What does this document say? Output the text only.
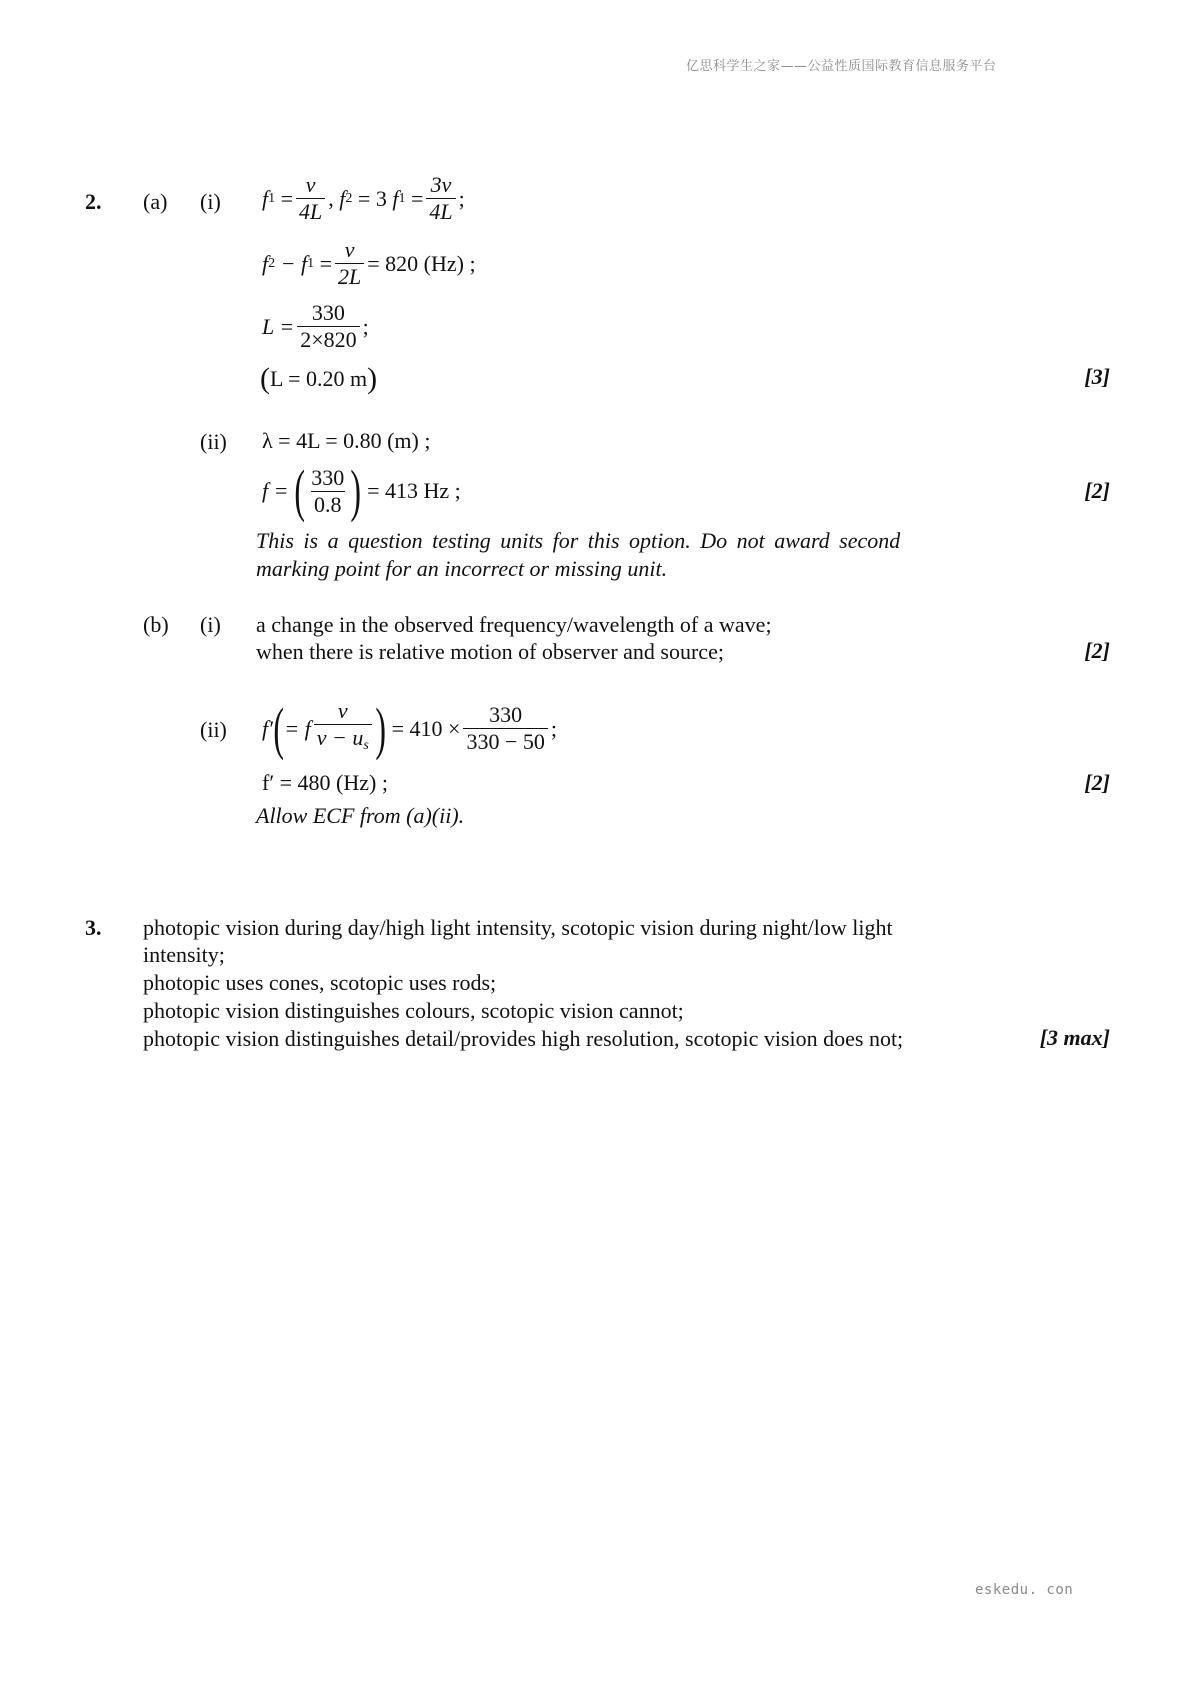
亿思科学生之家——公益性质国际教育信息服务平台
eskedu. con
2. (a) (i) f $1 = \frac{v}{4L}$ , f 2
= 3
f $1 = \frac{3v}{4L}$ ;
f 2
− f $1 = \frac{v}{2L} = 820$ (Hz) ;
$L = \frac{330}{2\times 820}$ ;
( L = 0.20 m )	[3]
(ii) λ = 4L = 0.80 (m) ;
f =
( $\frac{330}{0.8}$ )
= 413 Hz ;	[2]
This is a question testing units for this option. Do not award second
marking point for an incorrect or missing unit.
(b) (i) a change in the observed frequency/wavelength of a wave;
when there is relative motion of observer and source;	[2]
(ii) f′ ( = f $\frac{v}{v - u_s}$ )
= $410 \times \frac{330}{330 - 50}$ ;
f′ = 480 (Hz) ;	[2]
Allow ECF from (a)(ii).
3. photopic vision during day/high light intensity, scotopic vision during night/low light
intensity;
photopic uses cones, scotopic uses rods;
photopic vision distinguishes colours, scotopic vision cannot;
photopic vision distinguishes detail/provides high resolution, scotopic vision does not;	[3 max]
